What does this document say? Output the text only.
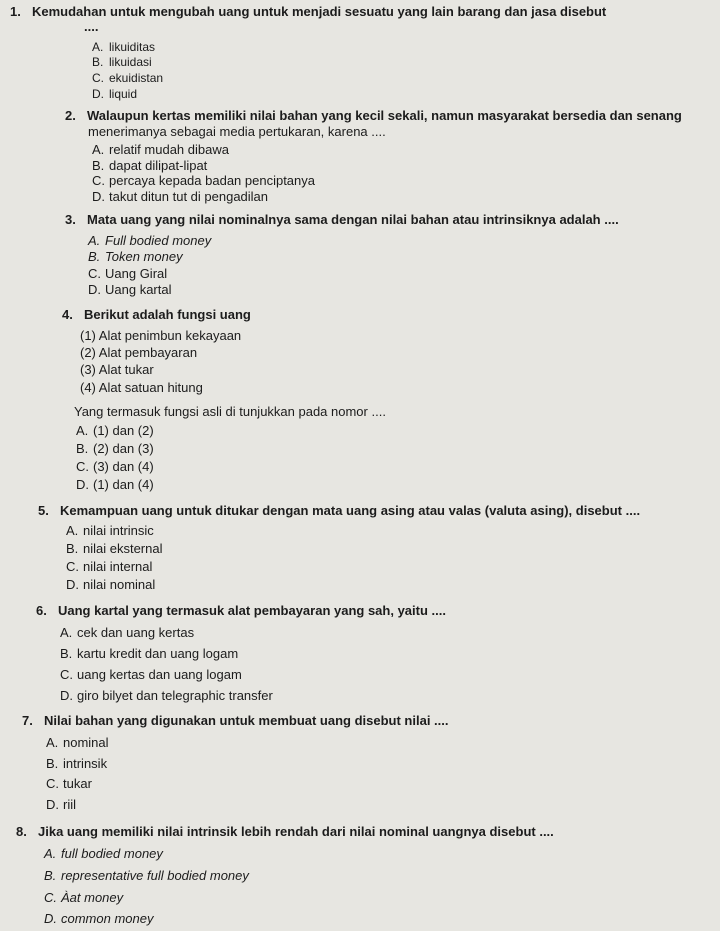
1. Kemudahan untuk mengubah uang untuk menjadi sesuatu yang lain barang dan jasa disebut
....
A. likuiditas
B. likuidasi
C. ekuidistan
D. liquid
2. Walaupun kertas memiliki nilai bahan yang kecil sekali, namun masyarakat bersedia dan senang
menerimanya sebagai media pertukaran, karena ....
A. relatif mudah dibawa
B. dapat dilipat-lipat
C. percaya kepada badan penciptanya
D. takut ditun tut di pengadilan
3. Mata uang yang nilai nominalnya sama dengan nilai bahan atau intrinsiknya adalah ....
A. Full bodied money
B. Token money
C. Uang Giral
D. Uang kartal
4. Berikut adalah fungsi uang
(1) Alat penimbun kekayaan
(2) Alat pembayaran
(3) Alat tukar
(4) Alat satuan hitung
Yang termasuk fungsi asli di tunjukkan pada nomor ....
A. (1) dan (2)
B. (2) dan (3)
C. (3) dan (4)
D. (1) dan (4)
5. Kemampuan uang untuk ditukar dengan mata uang asing atau valas (valuta asing), disebut ....
A. nilai intrinsic
B. nilai eksternal
C. nilai internal
D. nilai nominal
6. Uang kartal yang termasuk alat pembayaran yang sah, yaitu ....
A. cek dan uang kertas
B. kartu kredit dan uang logam
C. uang kertas dan uang logam
D. giro bilyet dan telegraphic transfer
7. Nilai bahan yang digunakan untuk membuat uang disebut nilai ....
A. nominal
B. intrinsik
C. tukar
D. riil
8. Jika uang memiliki nilai intrinsik lebih rendah dari nilai nominal uangnya disebut ....
A. full bodied money
B. representative full bodied money
C. Àat money
D. common money
